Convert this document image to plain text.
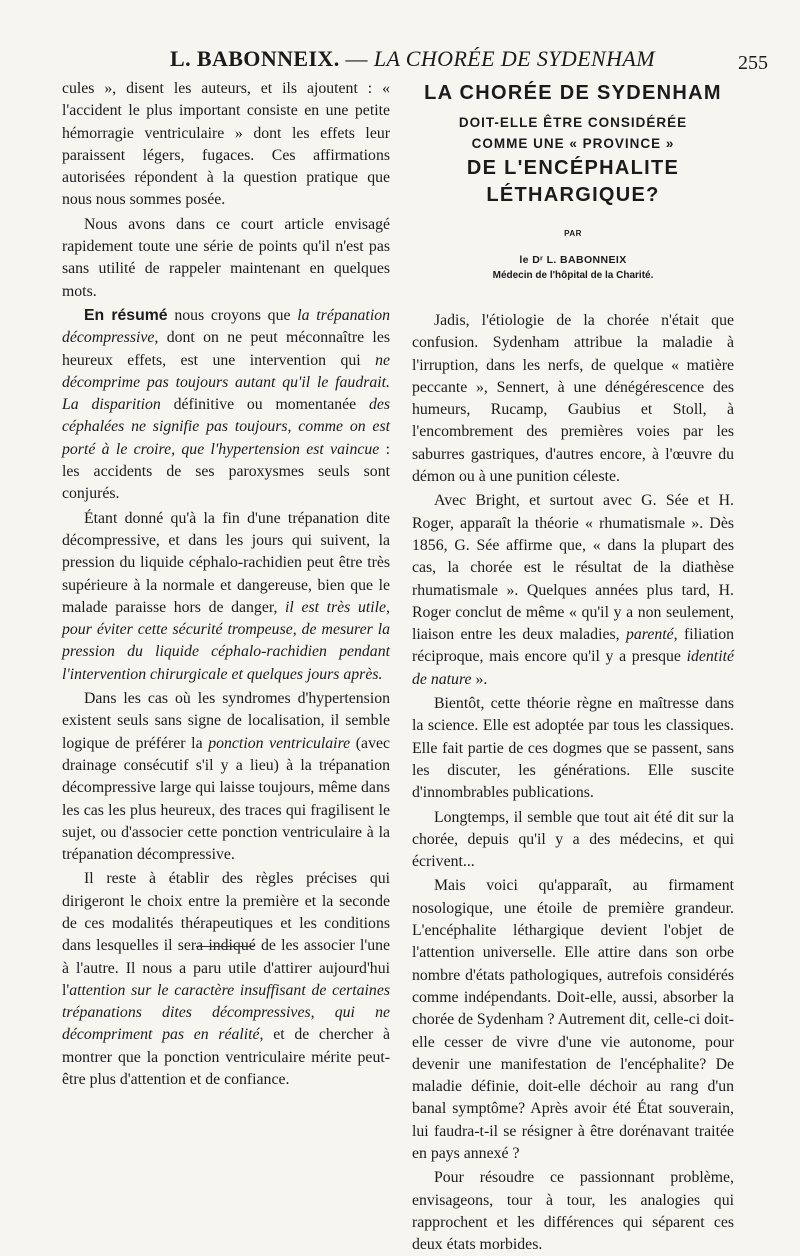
L. BABONNEIX. — LA CHORÉE DE SYDENHAM	255

cules », disent les auteurs, et ils ajoutent : « l'accident le plus important consiste en une petite hémorragie ventriculaire » dont les effets leur paraissent légers, fugaces. Ces affirmations autorisées répondent à la question pratique que nous nous sommes posée.

Nous avons dans ce court article envisagé rapidement toute une série de points qu'il n'est pas sans utilité de rappeler maintenant en quelques mots.

En résumé nous croyons que la trépanation décompressive, dont on ne peut méconnaître les heureux effets, est une intervention qui ne décomprime pas toujours autant qu'il le faudrait. La disparition définitive ou momentanée des céphalées ne signifie pas toujours, comme on est porté à le croire, que l'hypertension est vaincue : les accidents de ses paroxysmes seuls sont conjurés.

Étant donné qu'à la fin d'une trépanation dite décompressive, et dans les jours qui suivent, la pression du liquide céphalo-rachidien peut être très supérieure à la normale et dangereuse, bien que le malade paraisse hors de danger, il est très utile, pour éviter cette sécurité trompeuse, de mesurer la pression du liquide céphalo-rachidien pendant l'intervention chirurgicale et quelques jours après.

Dans les cas où les syndromes d'hypertension existent seuls sans signe de localisation, il semble logique de préférer la ponction ventriculaire (avec drainage consécutif s'il y a lieu) à la trépanation décompressive large qui laisse toujours, même dans les cas les plus heureux, des traces qui fragilisent le sujet, ou d'associer cette ponction ventriculaire à la trépanation décompressive.

Il reste à établir des règles précises qui dirigeront le choix entre la première et la seconde de ces modalités thérapeutiques et les conditions dans lesquelles il sera indiqué de les associer l'une à l'autre. Il nous a paru utile d'attirer aujourd'hui l'attention sur le caractère insuffisant de certaines trépanations dites décompressives, qui ne décompriment pas en réalité, et de chercher à montrer que la ponction ventriculaire mérite peut-être plus d'attention et de confiance.

LA CHORÉE DE SYDENHAM
DOIT-ELLE ÊTRE CONSIDÉRÉE
COMME UNE « PROVINCE »
DE L'ENCÉPHALITE
LÉTHARGIQUE?
PAR
le Dʳ L. BABONNEIX
Médecin de l'hôpital de la Charité.

Jadis, l'étiologie de la chorée n'était que confusion. Sydenham attribue la maladie à l'irruption, dans les nerfs, de quelque « matière peccante », Sennert, à une dénégérescence des humeurs, Rucamp, Gaubius et Stoll, à l'encombrement des premières voies par les saburres gastriques, d'autres encore, à l'œuvre du démon ou à une punition céleste.

Avec Bright, et surtout avec G. Sée et H. Roger, apparaît la théorie « rhumatismale ». Dès 1856, G. Sée affirme que, « dans la plupart des cas, la chorée est le résultat de la diathèse rhumatismale ». Quelques années plus tard, H. Roger conclut de même « qu'il y a non seulement, liaison entre les deux maladies, parenté, filiation réciproque, mais encore qu'il y a presque identité de nature ».

Bientôt, cette théorie règne en maîtresse dans la science. Elle est adoptée par tous les classiques. Elle fait partie de ces dogmes que se passent, sans les discuter, les générations. Elle suscite d'innombrables publications.

Longtemps, il semble que tout ait été dit sur la chorée, depuis qu'il y a des médecins, et qui écrivent...

Mais voici qu'apparaît, au firmament nosologique, une étoile de première grandeur. L'encéphalite léthargique devient l'objet de l'attention universelle. Elle attire dans son orbe nombre d'états pathologiques, autrefois considérés comme indépendants. Doit-elle, aussi, absorber la chorée de Sydenham ? Autrement dit, celle-ci doit-elle cesser de vivre d'une vie autonome, pour devenir une manifestation de l'encéphalite? De maladie définie, doit-elle déchoir au rang d'un banal symptôme? Après avoir été État souverain, lui faudra-t-il se résigner à être dorénavant traitée en pays annexé ?

Pour résoudre ce passionnant problème, envisageons, tour à tour, les analogies qui rapprochent et les différences qui séparent ces deux états morbides.
